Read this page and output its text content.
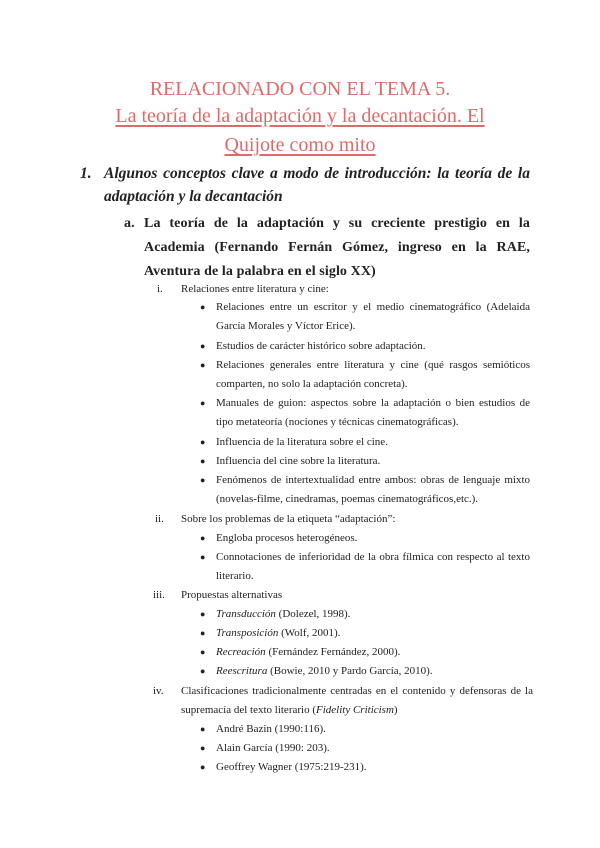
RELACIONADO CON EL TEMA 5.
La teoría de la adaptación y la decantación. El
Quijote como mito
1. Algunos conceptos clave a modo de introducción: la teoría de la adaptación y la decantación
a. La teoría de la adaptación y su creciente prestigio en la Academia (Fernando Fernán Gómez, ingreso en la RAE, Aventura de la palabra en el siglo XX)
i.	Relaciones entre literatura y cine:
● Relaciones entre un escritor y el medio cinematográfico (Adelaida García Morales y Víctor Erice).
● Estudios de carácter histórico sobre adaptación.
● Relaciones generales entre literatura y cine (qué rasgos semióticos comparten, no solo la adaptación concreta).
● Manuales de guion: aspectos sobre la adaptación o bien estudios de tipo metateoría (nociones y técnicas cinematográficas).
● Influencia de la literatura sobre el cine.
● Influencia del cine sobre la literatura.
● Fenómenos de intertextualidad entre ambos: obras de lenguaje mixto (novelas-filme, cinedramas, poemas cinematográficos,etc.).
ii.	Sobre los problemas de la etiqueta “adaptación”:
● Engloba procesos heterogéneos.
● Connotaciones de inferioridad de la obra fílmica con respecto al texto literario.
iii.	Propuestas alternativas
● Transducción (Dolezel, 1998).
● Transposición (Wolf, 2001).
● Recreación (Fernández Fernández, 2000).
● Reescritura (Bowie, 2010 y Pardo García, 2010).
iv.	Clasificaciones tradicionalmente centradas en el contenido y defensoras de la supremacía del texto literario (Fidelity Criticism)
● André Bazin (1990:116).
● Alain García (1990: 203).
● Geoffrey Wagner (1975:219-231).
